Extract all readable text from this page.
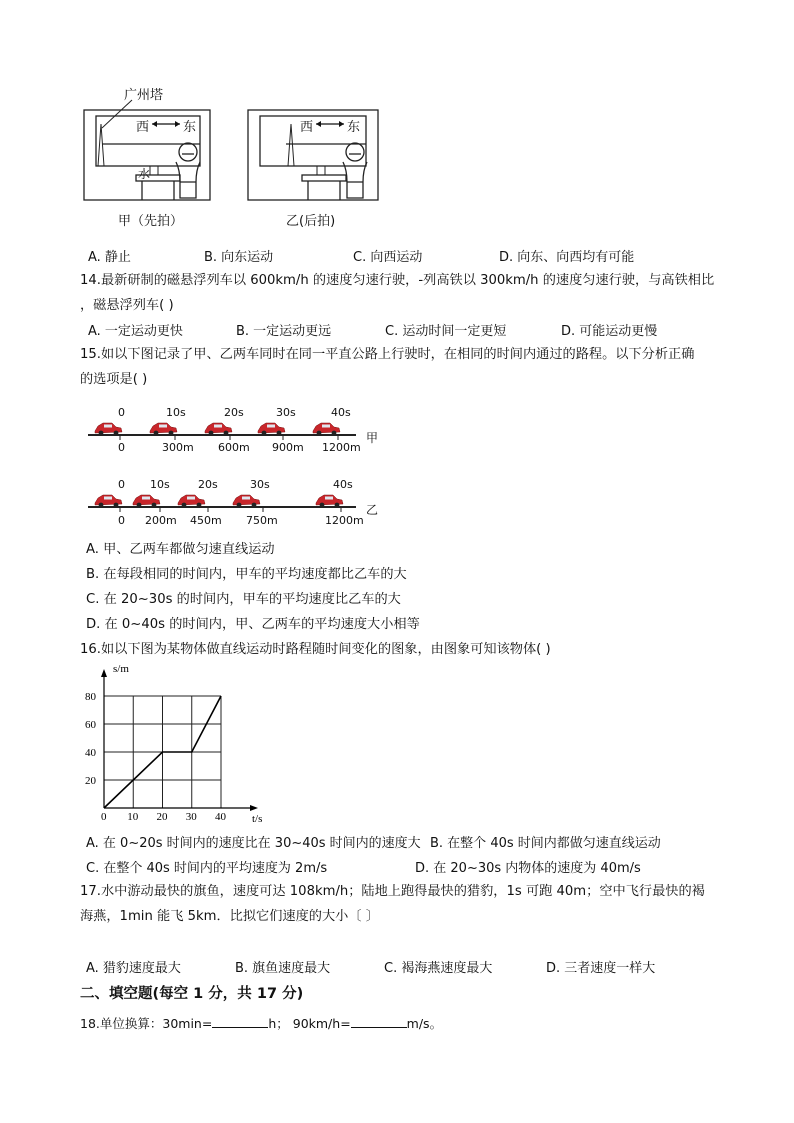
广州塔
西	东	西	东
水
甲（先拍）	乙(后拍)
A. 静止	B. 向东运动	C. 向西运动	D. 向东、向西均有可能
14.最新研制的磁悬浮列车以 600km/h 的速度匀速行驶，-列高铁以 300km/h 的速度匀速行驶，与高铁相比
，磁悬浮列车( )
A. 一定运动更快	B. 一定运动更远	C. 运动时间一定更短	D. 可能运动更慢
15.如以下图记录了甲、乙两车同时在同一平直公路上行驶时，在相同的时间内通过的路程。以下分析正确
的选项是( )
0	10s	20s	30s	40s
0	300m 600m 900m 1200m
甲
0 10s	20s	30s	40s
0 200m 450m 750m	1200m
乙
A. 甲、乙两车都做匀速直线运动
B. 在每段相同的时间内，甲车的平均速度都比乙车的大
C. 在 20~30s 的时间内，甲车的平均速度比乙车的大
D. 在 0~40s 的时间内，甲、乙两车的平均速度大小相等
16.如以下图为某物体做直线运动时路程随时间变化的图象，由图象可知该物体( )
0 10 20 30 40
20
40
60
80
s/m
t/s
A. 在 0~20s 时间内的速度比在 30~40s 时间内的速度大 B. 在整个 40s 时间内都做匀速直线运动
C. 在整个 40s 时间内的平均速度为 2m/s	D. 在 20~30s 内物体的速度为 40m/s
17.水中游动最快的旗鱼，速度可达 108km/h；陆地上跑得最快的猎豹，1s 可跑 40m；空中飞行最快的褐
海燕，1min 能飞 5km．比拟它们速度的大小〔 〕
A. 猎豹速度最大	B. 旗鱼速度最大	C. 褐海燕速度最大	D. 三者速度一样大
二、填空题(每空 1 分，共 17 分)
18.单位换算：30min=	h； 90km/h=	m/s。
